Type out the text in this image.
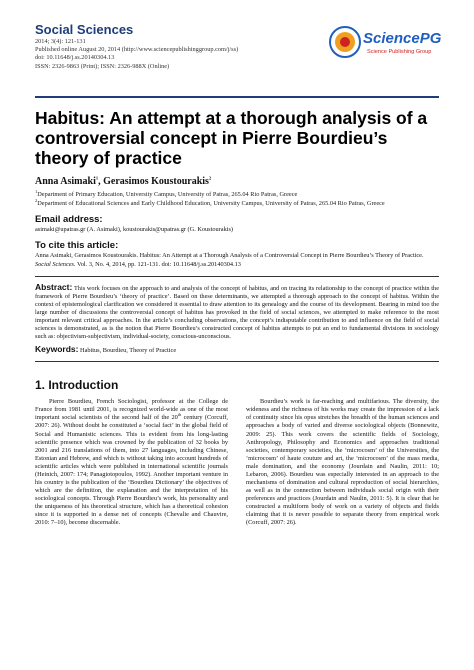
Social Sciences
2014; 3(4): 121-131
Published online August 20, 2014 (http://www.sciencepublishinggroup.com/j/ss)
doi: 10.11648/j.ss.20140304.13
ISSN: 2326-9863 (Print); ISSN: 2326-988X (Online)
SciencePG
Science Publishing Group
Habitus: An attempt at a thorough analysis of a controversial concept in Pierre Bourdieu’s theory of practice
Anna Asimaki$^1$, Gerasimos Koustourakis$^2$
$^1$Department of Primary Education, University Campus, University of Patras, 265.04 Rio Patras, Greece
$^2$Department of Educational Sciences and Early Childhood Education, University Campus, University of Patras, 265.04 Rio Patras, Greece
Email address:
asimaki@upatras.gr (A. Asimaki), koustourakis@upatras.gr (G. Koustourakis)
To cite this article:
Anna Asimaki, Gerasimos Koustourakis. Habitus: An Attempt at a Thorough Analysis of a Controversial Concept in Pierre Bourdieu’s Theory of Practice. Social Sciences. Vol. 3, No. 4, 2014, pp. 121-131. doi: 10.11648/j.ss.20140304.13
Abstract: This work focuses on the approach to and analysis of the concept of habitus, and on tracing its relationship to the concept of practice within the framework of Pierre Bourdieu’s ‘theory of practice’. Based on these determinants, we attempted a thorough approach to the concept of habitus. Within the context of epistemological clarification we considered it essential to draw attention to its genealogy and the course of its development. Bearing in mind too the large number of discussions the controversial concept of habitus has provoked in the field of social sciences, we attempted to make reference to the most important relevant critical approaches. In the article’s concluding observations, the concept’s indisputable contribution to and influence on the field of social sciences is demonstrated, as is the notion that Pierre Bourdieu’s constructed concept of habitus attempts to put an end to fundamental divisions in sociology such as: objectivism-subjectivism, individual-society, conscious-unconscious.
Keywords: Habitus, Bourdieu, Theory of Practice
1. Introduction

Pierre Bourdieu, French Sociologist, professor at the College de France from 1981 until 2001, is recognized world-wide as one of the most important social scientists of the second half of the 20th century (Corcuff, 2007: 26). Without doubt he constituted a ‘social fact’ in the global field of Social and Humanistic sciences. This is evident from his long-lasting scientific presence which was crowned by the publication of 32 books by 2001 and 216 translations of them, into 27 languages, including Chinese, Estonian and Hebrew, and which is without taking into account hundreds of scientific articles which were published in international scientific journals (Heinich, 2007: 174; Panagiotopoulos, 1992). Another important venture in his country is the publication of the ‘Bourdieu Dictionary’ the objectives of which are the definition, the explanation and the interpretation of his sociological concepts. Through Pierre Bourdieu’s work, his personality and the uniqueness of his theoretical structure, which has a theoretical cohesion since it is supported in a dense net of concepts (Chevalie and Chauvire, 2010: 7–10), become discernable.

Bourdieu’s work is far-reaching and multifarious. The diversity, the wideness and the richness of his works may create the impression of a lack of continuity since his opus stretches the breadth of the human sciences and approaches a body of varied and diverse sociological objects (Bonnewitz, 2009: 25). This work covers the scientific fields of Sociology, Anthropology, Philosophy and Economics and approaches traditional societies, contemporary societies, the ‘microcosm’ of the Universities, the ‘microcosm’ of haute couture and art, the ‘microcosm’ of the mass media, male domination, and the economy (Jourdain and Naulin, 2011: 10; Lebaron, 2006). Bourdieu was especially interested in an approach to the mechanisms of domination and cultural reproduction of social hierarchies, as well as in the connection between individuals social origin with their preferences and practices (Jourdain and Naulin, 2011: 5). It is clear that he constructed a multiform body of work on a variety of objects and fields claiming that it is never possible to separate theory from empirical work (Corcuff, 2007: 26).
